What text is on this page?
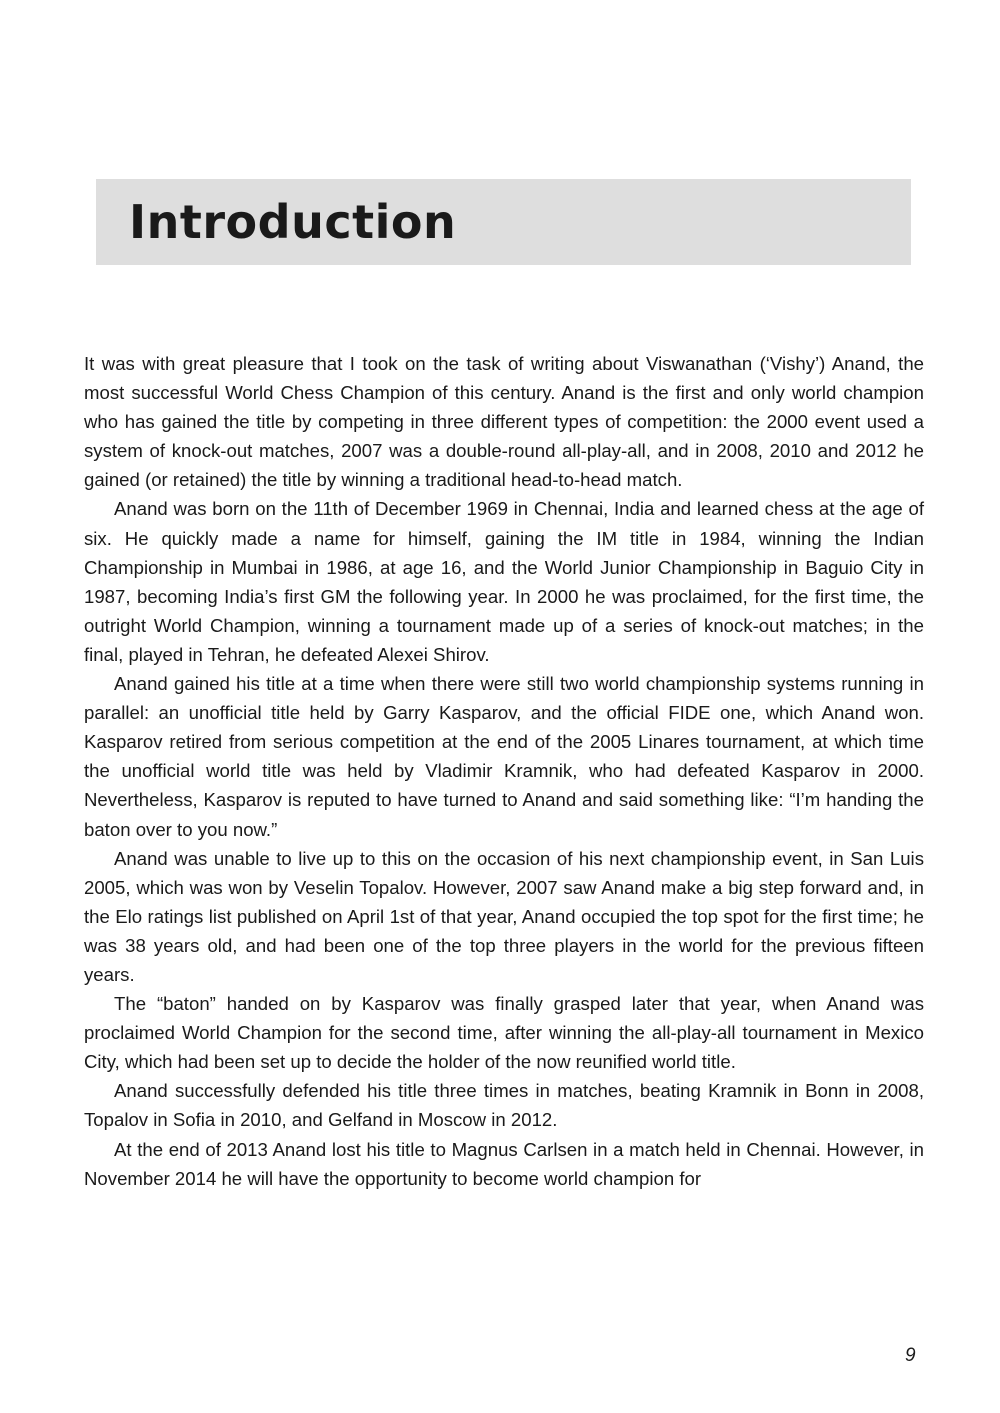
Introduction

It was with great pleasure that I took on the task of writing about Viswanathan (‘Vishy’) Anand, the most successful World Chess Champion of this century. Anand is the first and only world champion who has gained the title by competing in three different types of competition: the 2000 event used a system of knock-out matches, 2007 was a double-round all-play-all, and in 2008, 2010 and 2012 he gained (or retained) the title by winning a traditional head-to-head match.

Anand was born on the 11th of December 1969 in Chennai, India and learned chess at the age of six. He quickly made a name for himself, gaining the IM title in 1984, winning the Indian Championship in Mumbai in 1986, at age 16, and the World Junior Championship in Baguio City in 1987, becoming India’s first GM the following year. In 2000 he was proclaimed, for the first time, the outright World Champion, winning a tournament made up of a series of knock-out matches; in the final, played in Tehran, he defeated Alexei Shirov.

Anand gained his title at a time when there were still two world championship systems running in parallel: an unofficial title held by Garry Kasparov, and the official FIDE one, which Anand won. Kasparov retired from serious competition at the end of the 2005 Linares tournament, at which time the unofficial world title was held by Vladimir Kramnik, who had defeated Kasparov in 2000. Nevertheless, Kasparov is reputed to have turned to Anand and said something like: “I’m handing the baton over to you now.”

Anand was unable to live up to this on the occasion of his next championship event, in San Luis 2005, which was won by Veselin Topalov. However, 2007 saw Anand make a big step forward and, in the Elo ratings list published on April 1st of that year, Anand occupied the top spot for the first time; he was 38 years old, and had been one of the top three players in the world for the previous fifteen years.

The “baton” handed on by Kasparov was finally grasped later that year, when Anand was proclaimed World Champion for the second time, after winning the all-play-all tournament in Mexico City, which had been set up to decide the holder of the now reunified world title.

Anand successfully defended his title three times in matches, beating Kramnik in Bonn in 2008, Topalov in Sofia in 2010, and Gelfand in Moscow in 2012.

At the end of 2013 Anand lost his title to Magnus Carlsen in a match held in Chennai. However, in November 2014 he will have the opportunity to become world champion for

9
